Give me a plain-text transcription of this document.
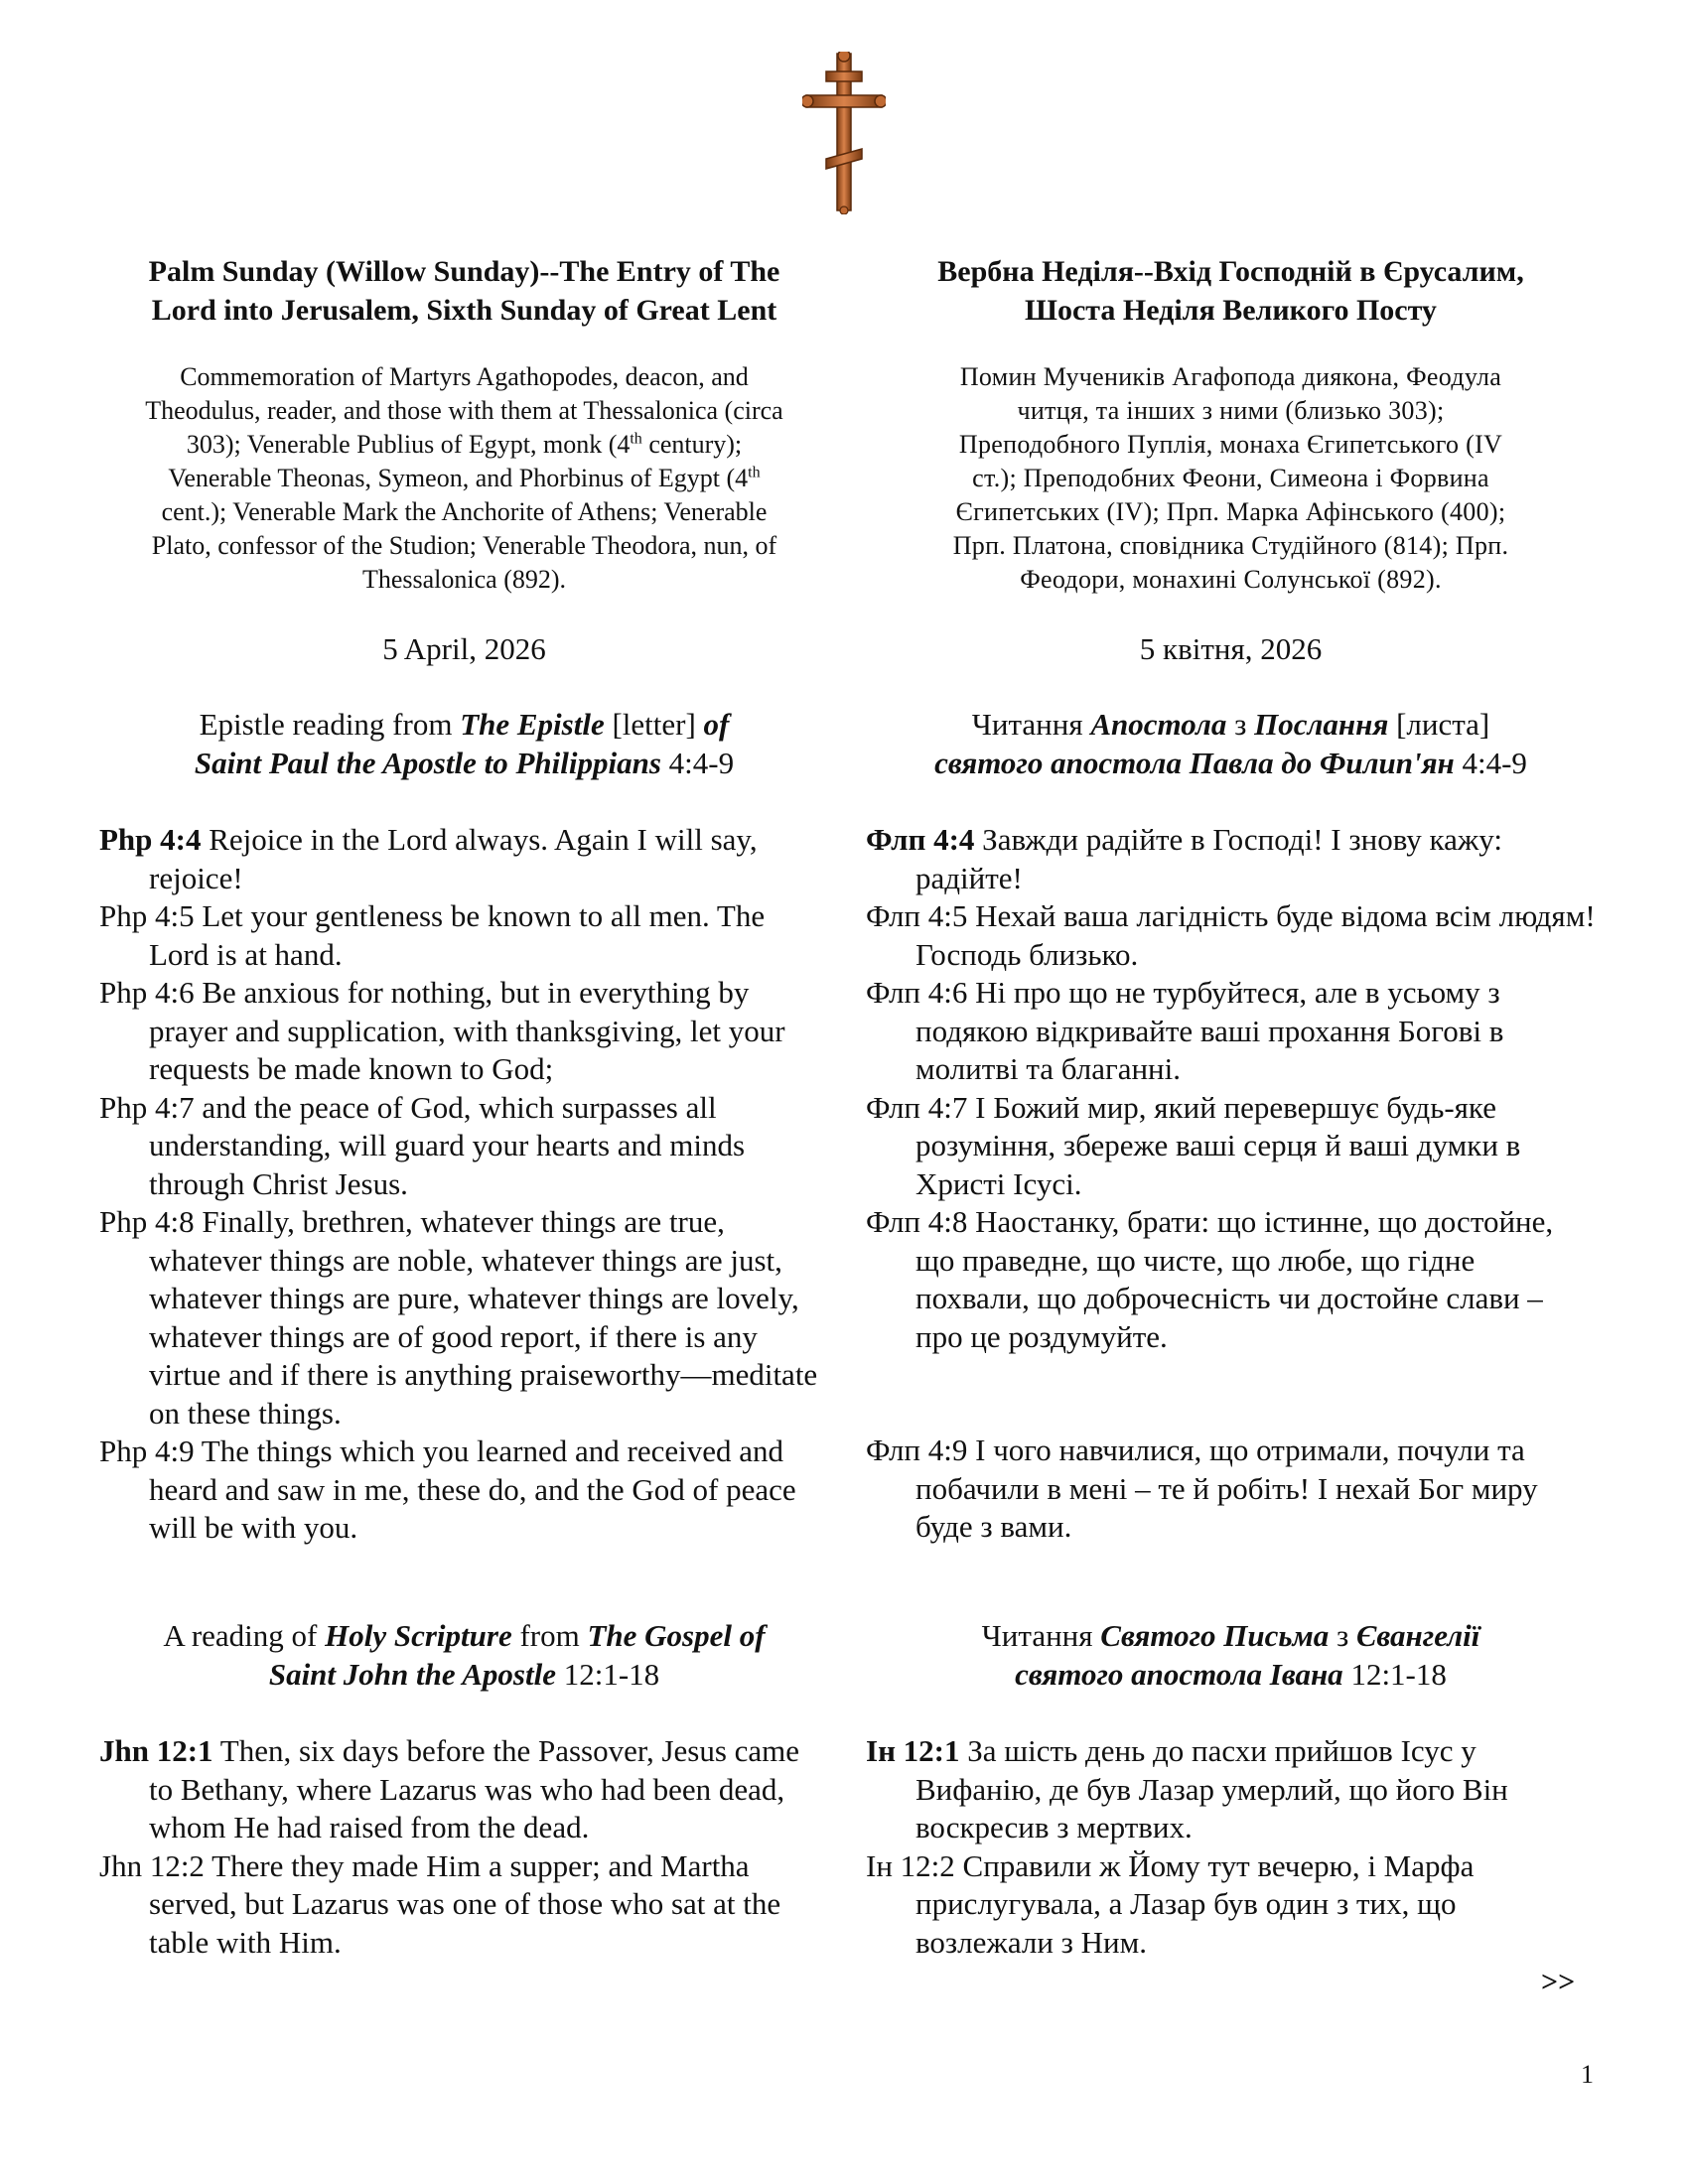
Palm Sunday (Willow Sunday)--The Entry of The
Lord into Jerusalem, Sixth Sunday of Great Lent
Commemoration of Martyrs Agathopodes, deacon, and
Theodulus, reader, and those with them at Thessalonica (circa
303); Venerable Publius of Egypt, monk (4th century);
Venerable Theonas, Symeon, and Phorbinus of Egypt (4th
cent.); Venerable Mark the Anchorite of Athens; Venerable
Plato, confessor of the Studion; Venerable Theodora, nun, of
Thessalonica (892).
5 April, 2026
Epistle reading from The Epistle [letter] of
Saint Paul the Apostle to Philippians 4:4-9

Php 4:4 Rejoice in the Lord always. Again I will say, rejoice!

Php 4:5 Let your gentleness be known to all men. The Lord is at hand.

Php 4:6 Be anxious for nothing, but in everything by prayer and supplication, with thanksgiving, let your requests be made known to God;

Php 4:7 and the peace of God, which surpasses all understanding, will guard your hearts and minds through Christ Jesus.

Php 4:8 Finally, brethren, whatever things are true, whatever things are noble, whatever things are just, whatever things are pure, whatever things are lovely, whatever things are of good report, if there is any virtue and if there is anything praiseworthy—meditate on these things.

Php 4:9 The things which you learned and received and heard and saw in me, these do, and the God of peace will be with you.

A reading of Holy Scripture from The Gospel of
Saint John the Apostle 12:1-18

Jhn 12:1 Then, six days before the Passover, Jesus came to Bethany, where Lazarus was who had been dead, whom He had raised from the dead.

Jhn 12:2 There they made Him a supper; and Martha served, but Lazarus was one of those who sat at the table with Him.

Вербна Неділя--Вхід Господній в Єрусалим,
Шоста Неділя Великого Посту
Помин Мучеників Агафопода диякона, Феодула
читця, та інших з ними (близько 303);
Преподобного Пуплія, монаха Єгипетського (IV
ст.); Преподобних Феони, Симеона і Форвина
Єгипетських (IV); Прп. Марка Афінського (400);
Прп. Платона, сповідника Студійного (814); Прп.
Феодори, монахині Солунської (892).
5 квітня, 2026
Читання Апостола з Послання [листа]
святого апостола Павла до Филип'ян 4:4-9

Флп 4:4 Завжди радійте в Господі! І знову кажу: радійте!

Флп 4:5 Нехай ваша лагідність буде відома всім людям! Господь близько.

Флп 4:6 Ні про що не турбуйтеся, але в усьому з подякою відкривайте ваші прохання Богові в молитві та благанні.

Флп 4:7 І Божий мир, який перевершує будь-яке розуміння, збереже ваші серця й ваші думки в Христі Ісусі.

Флп 4:8 Наостанку, брати: що істинне, що достойне, що праведне, що чисте, що любе, що гідне похвали, що доброчесність чи достойне слави – про це роздумуйте.

Флп 4:9 І чого навчилися, що отримали, почули та побачили в мені – те й робіть! І нехай Бог миру буде з вами.

Читання Святого Письма з Євангелії
святого апостола Івана 12:1-18

Ін 12:1 За шість день до пасхи прийшов Ісус у Вифанію, де був Лазар умерлий, що його Він воскресив з мертвих.

Ін 12:2 Справили ж Йому тут вечерю, і Марфа прислугувала, а Лазар був один з тих, що возлежали з Ним.

>>
1
